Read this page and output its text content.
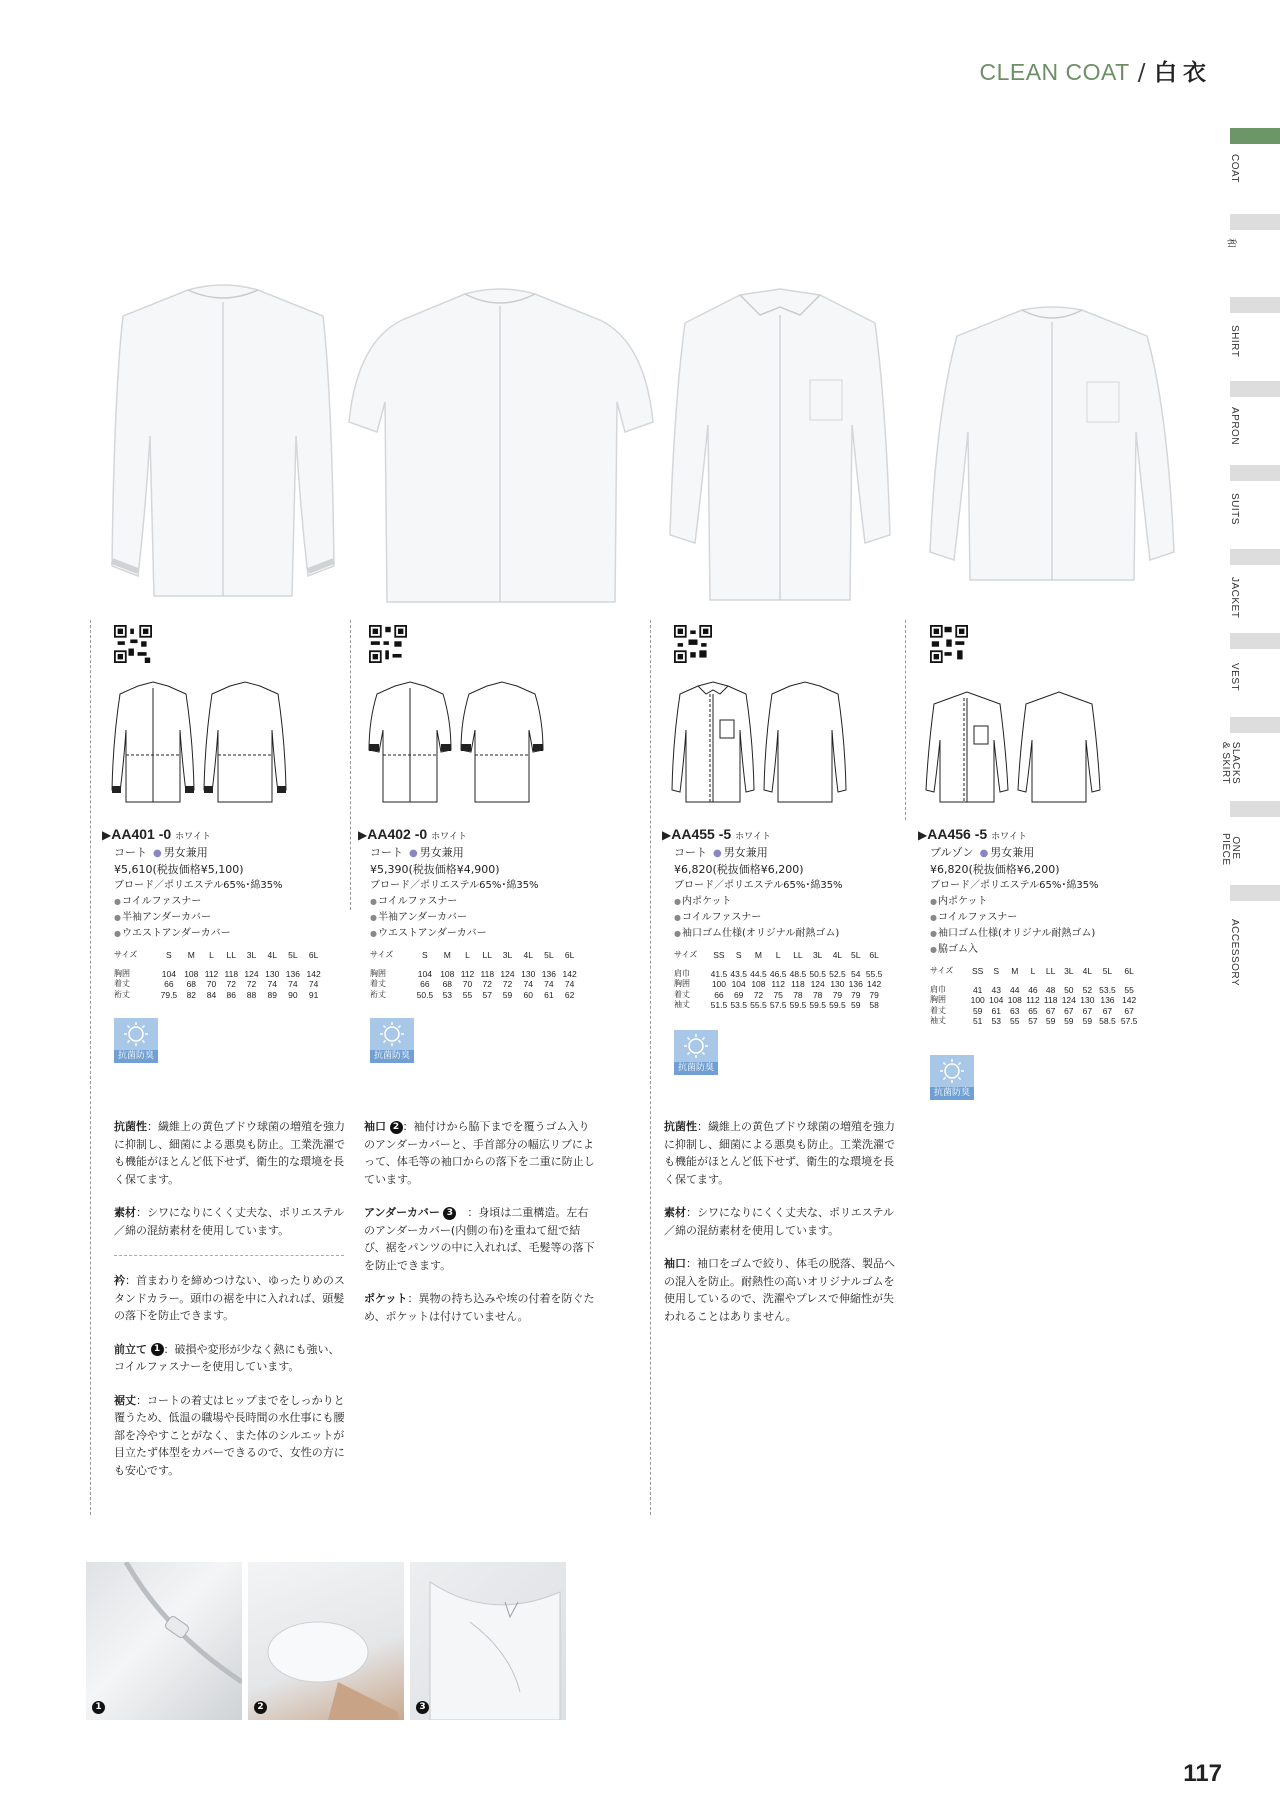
CLEAN COAT / 白衣
COAT
和
SHIRT
APRON
SUITS
JACKET
VEST
SLACKS & SKIRT
ONE PIECE
ACCESSORY
▶AA401 -0 ホワイト
コート ● 男女兼用
¥5,610(税抜価格¥5,100)
ブロード／ポリエステル65%･綿35%
● コイルファスナー
● 半袖アンダーカバー
● ウエストアンダーカバー
サイズ	S	M	L	LL	3L	4L	5L	6L
胸囲	104	108	112	118	124	130	136	142
着丈	66	68	70	72	72	74	74	74
裄丈	79.5	82	84	86	88	89	90	91
抗菌防臭
▶AA402 -0 ホワイト
コート ● 男女兼用
¥5,390(税抜価格¥4,900)
ブロード／ポリエステル65%･綿35%
● コイルファスナー
● 半袖アンダーカバー
● ウエストアンダーカバー
サイズ	S	M	L	LL	3L	4L	5L	6L
胸囲	104	108	112	118	124	130	136	142
着丈	66	68	70	72	72	74	74	74
裄丈	50.5	53	55	57	59	60	61	62
抗菌防臭
▶AA455 -5 ホワイト
コート ● 男女兼用
¥6,820(税抜価格¥6,200)
ブロード／ポリエステル65%･綿35%
● 内ポケット
● コイルファスナー
● 袖口ゴム仕様(オリジナル耐熱ゴム)
サイズ	SS	S	M	L	LL	3L	4L	5L	6L
肩巾	41.5	43.5	44.5	46.5	48.5	50.5	52.5	54	55.5
胸囲	100	104	108	112	118	124	130	136	142
着丈	66	69	72	75	78	78	79	79	79
袖丈	51.5	53.5	55.5	57.5	59.5	59.5	59.5	59	58
抗菌防臭
▶AA456 -5 ホワイト
ブルゾン ● 男女兼用
¥6,820(税抜価格¥6,200)
ブロード／ポリエステル65%･綿35%
● 内ポケット
● コイルファスナー
● 袖口ゴム仕様(オリジナル耐熱ゴム)
● 脇ゴム入
サイズ	SS	S	M	L	LL	3L	4L	5L	6L
肩巾	41	43	44	46	48	50	52	53.5	55
胸囲	100	104	108	112	118	124	130	136	142
着丈	59	61	63	65	67	67	67	67	67
袖丈	51	53	55	57	59	59	59	58.5	57.5
抗菌防臭

抗菌性：繊維上の黄色ブドウ球菌の増殖を強力に抑制し、細菌による悪臭も防止。工業洗濯でも機能がほとんど低下せず、衛生的な環境を長く保てます。

素材：シワになりにくく丈夫な、ポリエステル／綿の混紡素材を使用しています。

衿：首まわりを締めつけない、ゆったりめのスタンドカラー。頭巾の裾を中に入れれば、頭髪の落下を防止できます。

前立て 1 ：破損や変形が少なく熱にも強い、コイルファスナーを使用しています。

裾丈：コートの着丈はヒップまでをしっかりと覆うため、低温の職場や長時間の水仕事にも腰部を冷やすことがなく、また体のシルエットが目立たず体型をカバーできるので、女性の方にも安心です。

袖口 2 ：袖付けから脇下までを覆うゴム入りのアンダーカバーと、手首部分の幅広リブによって、体毛等の袖口からの落下を二重に防止しています。

アンダーカバー 3　：身頃は二重構造。左右のアンダーカバー(内側の布)を重ねて紐で結び、裾をパンツの中に入れれば、毛髪等の落下を防止できます。

ポケット：異物の持ち込みや埃の付着を防ぐため、ポケットは付けていません。

抗菌性：繊維上の黄色ブドウ球菌の増殖を強力に抑制し、細菌による悪臭も防止。工業洗濯でも機能がほとんど低下せず、衛生的な環境を長く保てます。

素材：シワになりにくく丈夫な、ポリエステル／綿の混紡素材を使用しています。

袖口：袖口をゴムで絞り、体毛の脱落、製品への混入を防止。耐熱性の高いオリジナルゴムを使用しているので、洗濯やプレスで伸縮性が失われることはありません。

1	2	3
117
